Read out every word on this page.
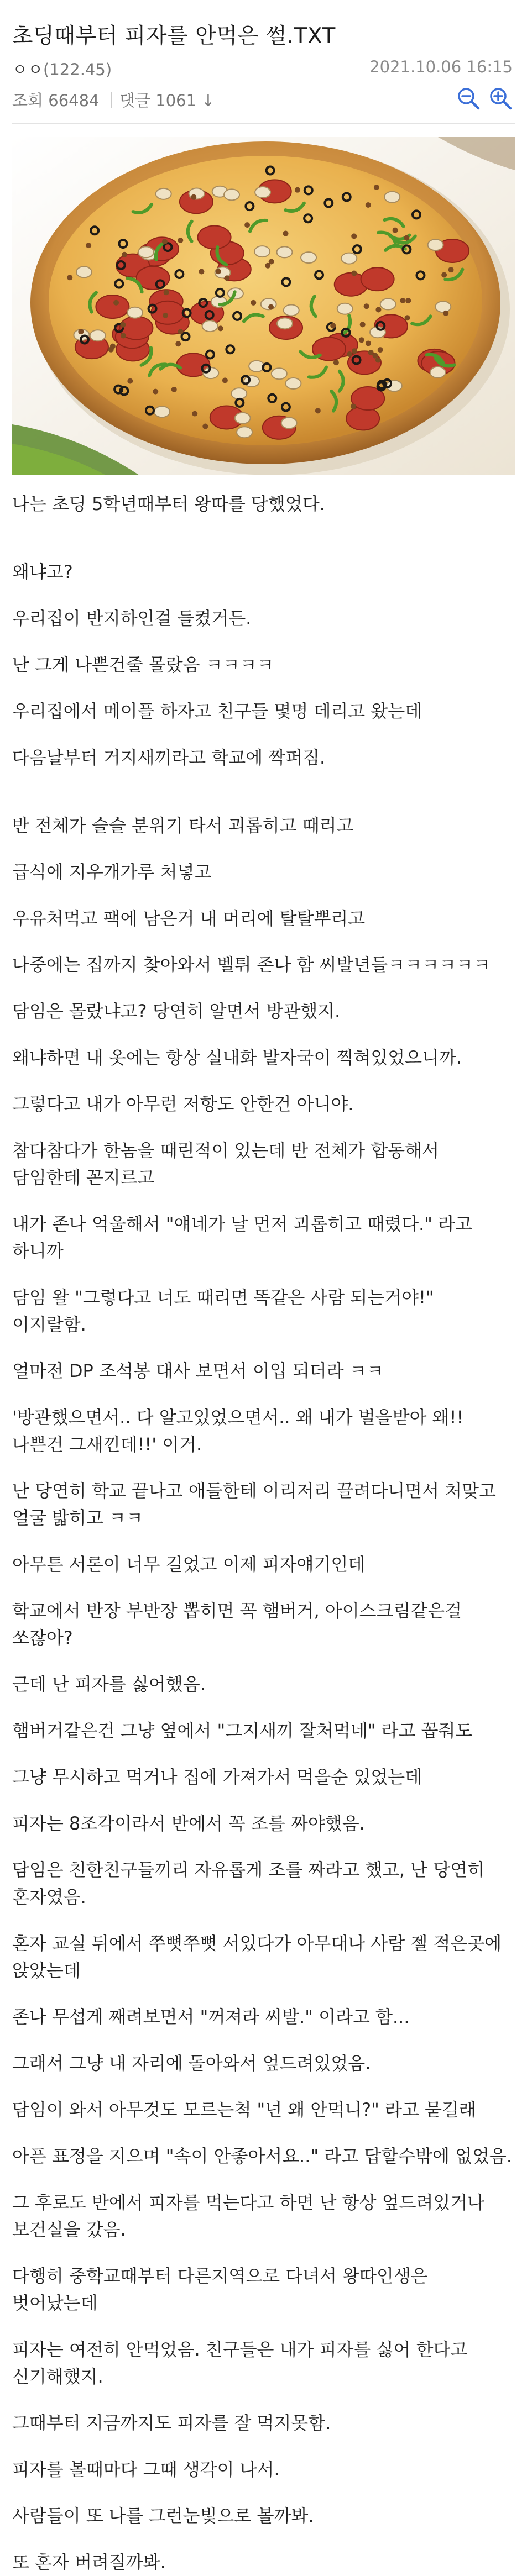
초딩때부터 피자를 안먹은 썰.TXT
ㅇㅇ(122.45)	2021.10.06 16:15
조회 66484 댓글 1061 ↓

나는 초딩 5학년때부터 왕따를 당했었다.

왜냐고?

우리집이 반지하인걸 들켰거든.

난 그게 나쁜건줄 몰랐음 ㅋㅋㅋㅋ

우리집에서 메이플 하자고 친구들 몇명 데리고 왔는데

다음날부터 거지새끼라고 학교에 짝퍼짐.

반 전체가 슬슬 분위기 타서 괴롭히고 때리고

급식에 지우개가루 처넣고

우유처먹고 팩에 남은거 내 머리에 탈탈뿌리고

나중에는 집까지 찾아와서 벨튀 존나 함 씨발년들ㅋㅋㅋㅋㅋㅋ

담임은 몰랐냐고? 당연히 알면서 방관했지.

왜냐하면 내 옷에는 항상 실내화 발자국이 찍혀있었으니까.

그렇다고 내가 아무런 저항도 안한건 아니야.

참다참다가 한놈을 때린적이 있는데 반 전체가 합동해서 담임한테 꼰지르고

내가 존나 억울해서 "얘네가 날 먼저 괴롭히고 때렸다." 라고 하니까

담임 왈 "그렇다고 너도 때리면 똑같은 사람 되는거야!" 이지랄함.

얼마전 DP 조석봉 대사 보면서 이입 되더라 ㅋㅋ

'방관했으면서.. 다 알고있었으면서.. 왜 내가 벌을받아 왜!! 나쁜건 그새낀데!!' 이거.

난 당연히 학교 끝나고 애들한테 이리저리 끌려다니면서 처맞고 얼굴 밟히고 ㅋㅋ

아무튼 서론이 너무 길었고 이제 피자얘기인데

학교에서 반장 부반장 뽑히면 꼭 햄버거, 아이스크림같은걸 쏘잖아?

근데 난 피자를 싫어했음.

햄버거같은건 그냥 옆에서 "그지새끼 잘처먹네" 라고 꼽줘도

그냥 무시하고 먹거나 집에 가져가서 먹을순 있었는데

피자는 8조각이라서 반에서 꼭 조를 짜야했음.

담임은 친한친구들끼리 자유롭게 조를 짜라고 했고, 난 당연히 혼자였음.

혼자 교실 뒤에서 쭈뼛쭈뼛 서있다가 아무대나 사람 젤 적은곳에 앉았는데

존나 무섭게 째려보면서 "꺼져라 씨발." 이라고 함...

그래서 그냥 내 자리에 돌아와서 엎드려있었음.

담임이 와서 아무것도 모르는척 "넌 왜 안먹니?" 라고 묻길래

아픈 표정을 지으며 "속이 안좋아서요.." 라고 답할수밖에 없었음.

그 후로도 반에서 피자를 먹는다고 하면 난 항상 엎드려있거나 보건실을 갔음.

다행히 중학교때부터 다른지역으로 다녀서 왕따인생은 벗어났는데

피자는 여전히 안먹었음. 친구들은 내가 피자를 싫어 한다고 신기해했지.

그때부터 지금까지도 피자를 잘 먹지못함.

피자를 볼때마다 그때 생각이 나서.

사람들이 또 나를 그런눈빛으로 볼까봐.

또 혼자 버려질까봐.
